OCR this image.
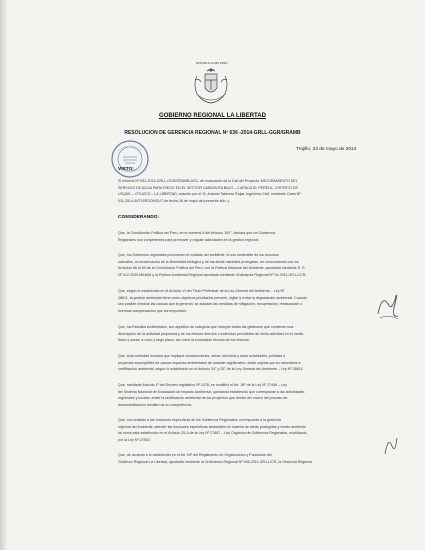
REPUBLICA DEL PERU
GOBIERNO REGIONAL LA LIBERTAD
RESOLUCION DE GERENCIA REGIONAL Nº 636 -2014-GRLL-GGR/GRAMB
Trujillo, 23 de mayo de 2014
VISTO:
El Informe Nº 051-2014-GRLL-GGR/GRAMB-ASC, de evaluación de la DIA del Proyecto: MEJORAMIENTO DEL
SERVICIO DE AGUA PARA RIEGO EN EL SECTOR CANDAVITA BAJO – CUENCA EL PERELIL, DISTRITO DE
USQUIL – OTUZCO – LA LIBERTAD, suscrito por el Sr. Antonio Talavera Rojas, Ingeniero Civil, mediante Carta Nº
011-2014-AVT/GRDCN/SUT de fecha 28 de mayo del presente año, y
CONSIDERANDO:
Que, la Constitución Política del Perú, en el numeral 8 del Artículo 192°, declara que los Gobiernos
Regionales son competentes para promover y regular actividades en la gestión regional;
Que, los Gobiernos regionales promueven el cuidado del ambiente, el uso sostenible de los recursos
naturales, la conservación de la diversidad biológica y de las áreas naturales protegidas, en concordancia con los
Artículos 66 al 69 de la Constitución Política del Perú, con la Política Nacional del Ambiente, aprobada mediante D. S.
Nº 012-2009-MINAM y la Política Ambiental Regional aprobada mediante Ordenanza Regional Nº 34-2011-GR-LL/CR;
Que, según lo establecido en el Artículo VI del Título Preliminar de la Ley General del Ambiente – Ley Nº
28611, la gestión ambiental tiene como objetivos prioritarios prevenir, vigilar y evitar la degradación ambiental. Cuando
sea posible eliminar las causas que la generan, se adoptan las medidas de mitigación, recuperación, restauración o
eventual compensación que correspondan;
Que, los Estudios Ambientales, son aquellos de categoría que incluyen todas las gestiones que contienen una
descripción de la actividad propuesta y de los efectos directos o indirectos previsibles de dicha actividad en el medio
físico y social, a corto y largo plazo, así como la evaluación técnica de los mismos;
Que, toda actividad humana que implique construcciones, obras, servicios y otras actividades, políticas o
proyectos susceptibles de causar impactos ambientales de carácter significativo, están sujetas por su naturaleza a
certificación ambiental, según lo establecido en el Artículo 24° y 25° de la Ley General del Ambiente – Ley Nº 28611;
Que, mediante Artículo 1º del Decreto legislativo Nº 1078, se modificó el Art. 16º de la Ley Nº 27446 – Ley
del Sistema Nacional de Evaluación de Impacto Ambiental, quedando establecido que corresponde a las autoridades
regionales y locales, emitir la certificación ambiental de los proyectos que dentro del marco del proceso de
descentralización resulten de su competencia;
Que, con relación a las funciones específicas de los Gobiernos Regionales, corresponde a la gerencia
regional del Ambiente, atender las funciones específicas sectoriales en materia de áreas protegidas y medio ambiente
tal como está establecido en el Artículo 25-A de la Ley Nº 27867 – Ley Orgánica de Gobiernos Regionales, modificada
por la Ley Nº 27902;
Que, de acuerdo a lo establecido en el Art. 94º del Reglamento de Organización y Funciones del
Gobierno Regional La Libertad, aprobado mediante la Ordenanza Regional Nº 008-2011-GR-LL/CR, la Gerencia Regional
